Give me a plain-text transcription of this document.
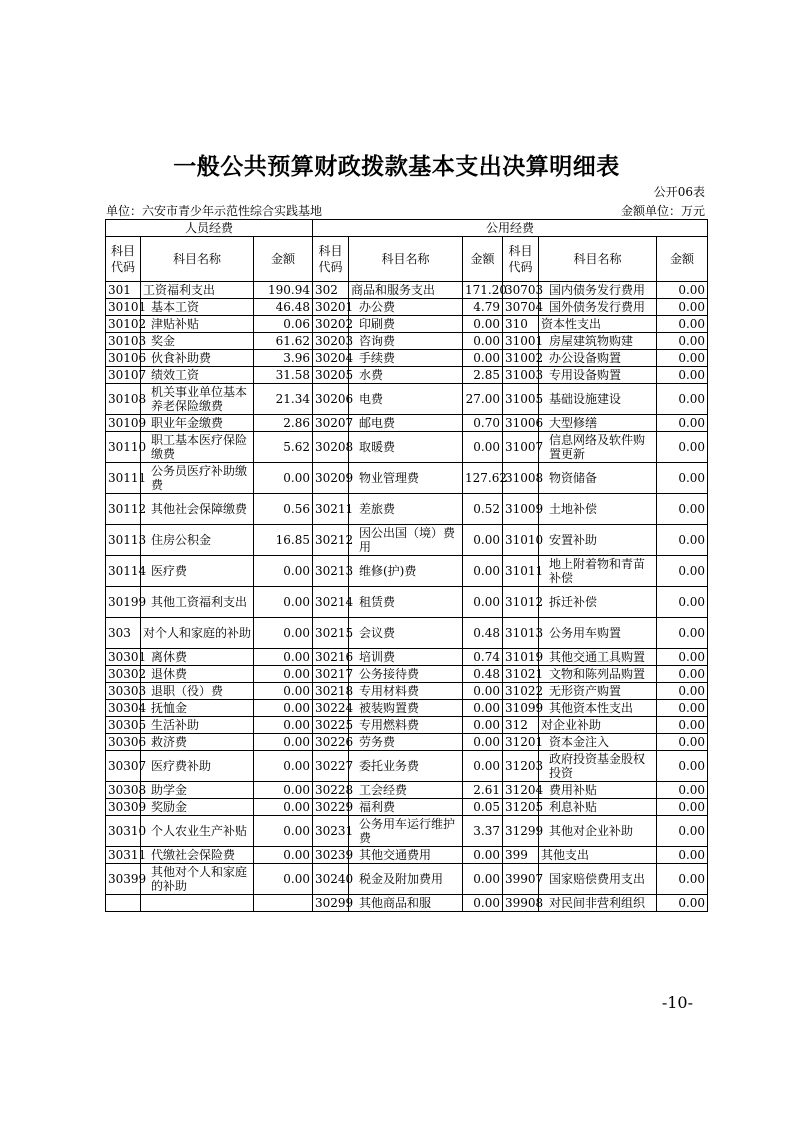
一般公共预算财政拨款基本支出决算明细表
公开06表
单位：六安市青少年示范性综合实践基地	金额单位：万元
人员经费			公用经费					
科目代码	科目名称	金额	科目代码	科目名称	金额	科目代码	科目名称	金额
301	工资福利支出	190.94	302	商品和服务支出	171.20	30703	国内债务发行费用	0.00
30101	基本工资	46.48	30201	办公费	4.79	30704	国外债务发行费用	0.00
30102	津贴补贴	0.06	30202	印刷费	0.00	310	资本性支出	0.00
30103	奖金	61.62	30203	咨询费	0.00	31001	房屋建筑物购建	0.00
30106	伙食补助费	3.96	30204	手续费	0.00	31002	办公设备购置	0.00
30107	绩效工资	31.58	30205	水费	2.85	31003	专用设备购置	0.00
30108	机关事业单位基本养老保险缴费	21.34	30206	电费	27.00	31005	基础设施建设	0.00
30109	职业年金缴费	2.86	30207	邮电费	0.70	31006	大型修缮	0.00
30110	职工基本医疗保险缴费	5.62	30208	取暖费	0.00	31007	信息网络及软件购置更新	0.00
30111	公务员医疗补助缴费	0.00	30209	物业管理费	127.62	31008	物资储备	0.00
30112	其他社会保障缴费	0.56	30211	差旅费	0.52	31009	土地补偿	0.00
30113	住房公积金	16.85	30212	因公出国（境）费用	0.00	31010	安置补助	0.00
30114	医疗费	0.00	30213	维修(护)费	0.00	31011	地上附着物和青苗补偿	0.00
30199	其他工资福利支出	0.00	30214	租赁费	0.00	31012	拆迁补偿	0.00
303	对个人和家庭的补助	0.00	30215	会议费	0.48	31013	公务用车购置	0.00
30301	离休费	0.00	30216	培训费	0.74	31019	其他交通工具购置	0.00
30302	退休费	0.00	30217	公务接待费	0.48	31021	文物和陈列品购置	0.00
30303	退职（役）费	0.00	30218	专用材料费	0.00	31022	无形资产购置	0.00
30304	抚恤金	0.00	30224	被装购置费	0.00	31099	其他资本性支出	0.00
30305	生活补助	0.00	30225	专用燃料费	0.00	312	对企业补助	0.00
30306	救济费	0.00	30226	劳务费	0.00	31201	资本金注入	0.00
30307	医疗费补助	0.00	30227	委托业务费	0.00	31203	政府投资基金股权投资	0.00
30308	助学金	0.00	30228	工会经费	2.61	31204	费用补贴	0.00
30309	奖励金	0.00	30229	福利费	0.05	31205	利息补贴	0.00
30310	个人农业生产补贴	0.00	30231	公务用车运行维护费	3.37	31299	其他对企业补助	0.00
30311	代缴社会保险费	0.00	30239	其他交通费用	0.00	399	其他支出	0.00
30399	其他对个人和家庭的补助	0.00	30240	税金及附加费用	0.00	39907	国家赔偿费用支出	0.00
			30299	其他商品和服	0.00	39908	对民间非营利组织	0.00
-10-
